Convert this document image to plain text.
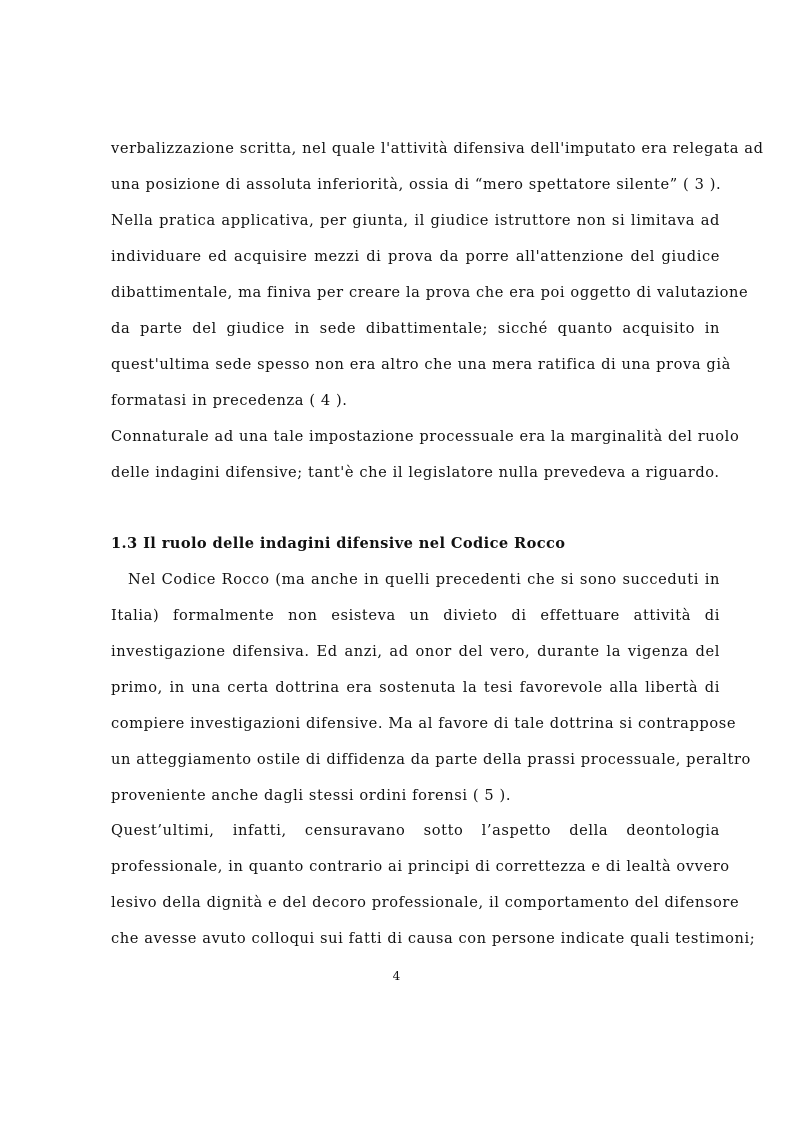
verbalizzazione scritta, nel quale l'attività difensiva dell'imputato era relegata ad
una posizione di assoluta inferiorità, ossia di “mero spettatore silente” ( 3 ).
Nella pratica applicativa, per giunta, il giudice istruttore non si limitava ad
individuare ed acquisire mezzi di prova da porre all'attenzione del giudice
dibattimentale, ma finiva per creare la prova che era poi oggetto di valutazione
da parte del giudice in sede dibattimentale; sicché quanto acquisito in
quest'ultima sede spesso non era altro che una mera ratifica di una prova già
formatasi in precedenza ( 4 ).
Connaturale ad una tale impostazione processuale era la marginalità del ruolo
delle indagini difensive; tant'è che il legislatore nulla prevedeva a riguardo.
1.3 Il ruolo delle indagini difensive nel Codice Rocco
Nel Codice Rocco (ma anche in quelli precedenti che si sono succeduti in
Italia) formalmente non esisteva un divieto di effettuare attività di
investigazione difensiva. Ed anzi, ad onor del vero, durante la vigenza del
primo, in una certa dottrina era sostenuta la tesi favorevole alla libertà di
compiere investigazioni difensive. Ma al favore di tale dottrina si contrappose
un atteggiamento ostile di diffidenza da parte della prassi processuale, peraltro
proveniente anche dagli stessi ordini forensi ( 5 ).
Quest’ultimi, infatti, censuravano sotto l’aspetto della deontologia
professionale, in quanto contrario ai principi di correttezza e di lealtà ovvero
lesivo della dignità e del decoro professionale, il comportamento del difensore
che avesse avuto colloqui sui fatti di causa con persone indicate quali testimoni;
4
